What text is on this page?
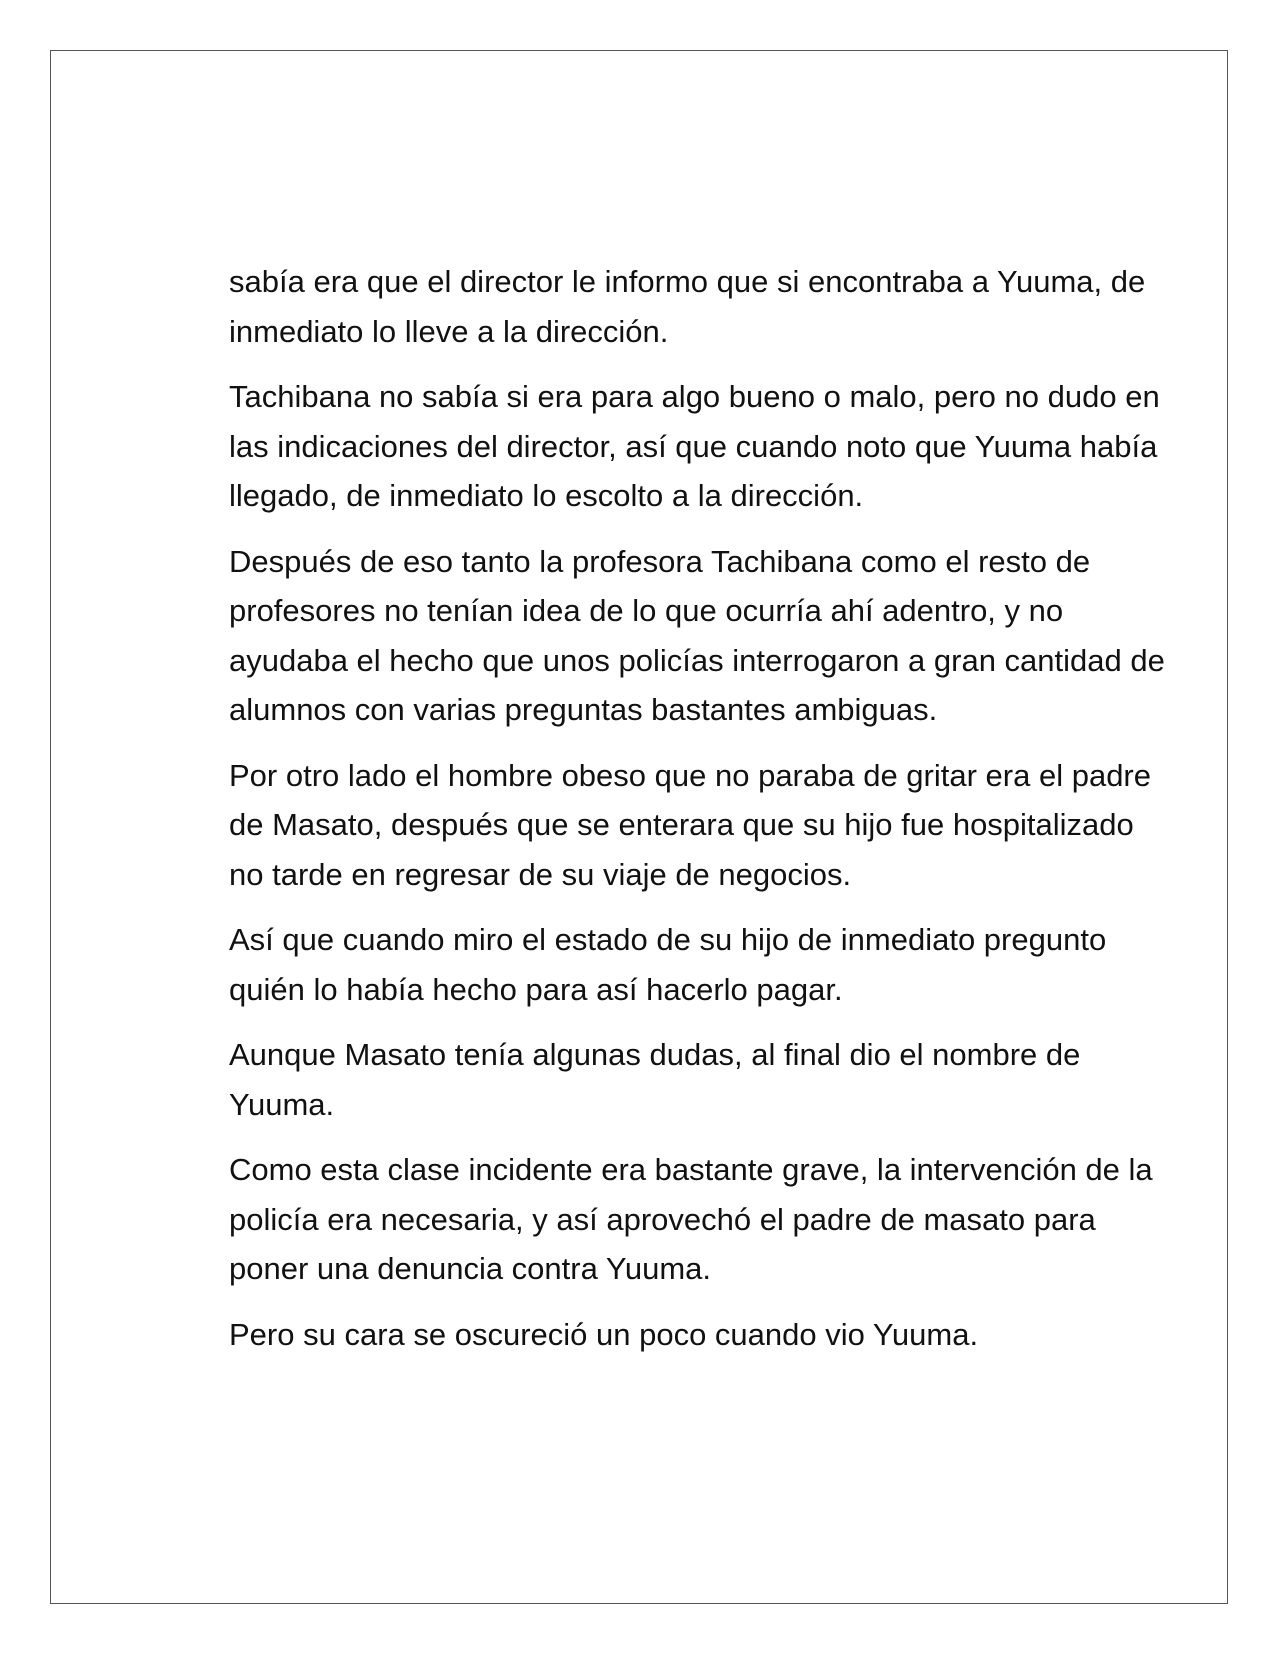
sabía era que el director le informo que si encontraba a Yuuma, de inmediato lo lleve a la dirección.

Tachibana no sabía si era para algo bueno o malo, pero no dudo en las indicaciones del director, así que cuando noto que Yuuma había llegado, de inmediato lo escolto a la dirección.

Después de eso tanto la profesora Tachibana como el resto de profesores no tenían idea de lo que ocurría ahí adentro, y no ayudaba el hecho que unos policías interrogaron a gran cantidad de alumnos con varias preguntas bastantes ambiguas.

Por otro lado el hombre obeso que no paraba de gritar era el padre de Masato, después que se enterara que su hijo fue hospitalizado no tarde en regresar de su viaje de negocios.

Así que cuando miro el estado de su hijo de inmediato pregunto quién lo había hecho para así hacerlo pagar.

Aunque Masato tenía algunas dudas, al final dio el nombre de Yuuma.

Como esta clase incidente era bastante grave, la intervención de la policía era necesaria, y así aprovechó el padre de masato para poner una denuncia contra Yuuma.

Pero su cara se oscureció un poco cuando vio Yuuma.
